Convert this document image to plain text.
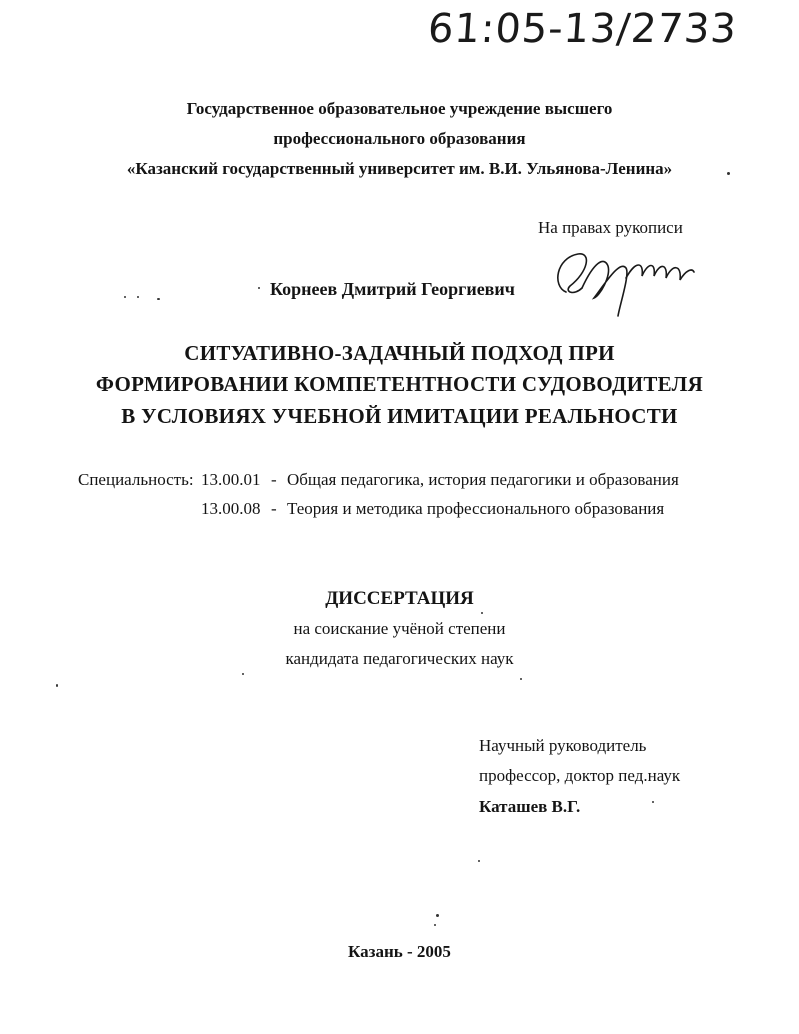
61:05-13/2733
Государственное образовательное учреждение высшего
профессионального образования
«Казанский государственный университет им. В.И. Ульянова-Ленина»
На правах рукописи
Корнеев Дмитрий Георгиевич
СИТУАТИВНО-ЗАДАЧНЫЙ ПОДХОД ПРИ
ФОРМИРОВАНИИ КОМПЕТЕНТНОСТИ СУДОВОДИТЕЛЯ
В УСЛОВИЯХ УЧЕБНОЙ ИМИТАЦИИ РЕАЛЬНОСТИ
Специальность: 13.00.01 - Общая педагогика, история педагогики и образования
13.00.08 - Теория и методика профессионального образования
ДИССЕРТАЦИЯ
на соискание учёной степени
кандидата педагогических наук
Научный руководитель
профессор, доктор пед.наук
Каташев В.Г.
Казань - 2005
